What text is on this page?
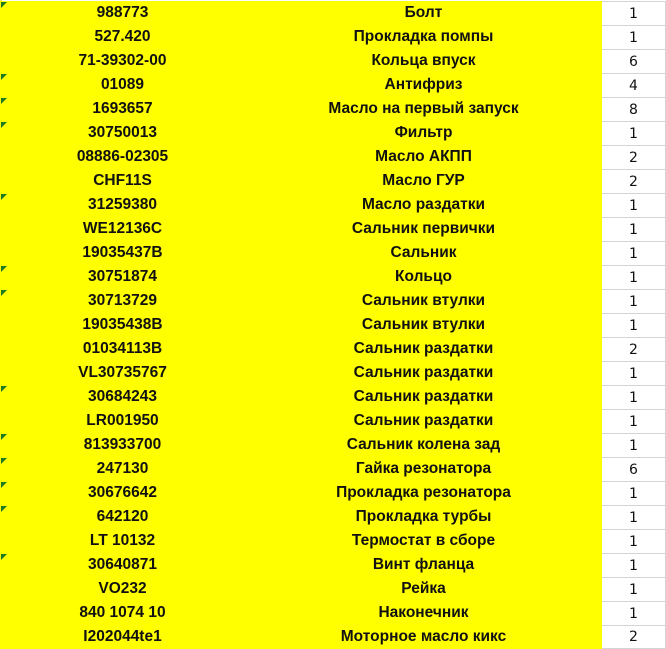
988773	Болт	1
527.420	Прокладка помпы	1
71-39302-00	Кольца впуск	6
01089	Антифриз	4
1693657	Масло на первый запуск	8
30750013	Фильтр	1
08886-02305	Масло АКПП	2
CHF11S	Масло ГУР	2
31259380	Масло раздатки	1
WE12136C	Сальник первички	1
19035437B	Сальник	1
30751874	Кольцо	1
30713729	Сальник втулки	1
19035438B	Сальник втулки	1
01034113B	Сальник раздатки	2
VL30735767	Сальник раздатки	1
30684243	Сальник раздатки	1
LR001950	Сальник раздатки	1
813933700	Сальник колена зад	1
247130	Гайка резонатора	6
30676642	Прокладка резонатора	1
642120	Прокладка турбы	1
LT 10132	Термостат в сборе	1
30640871	Винт фланца	1
VO232	Рейка	1
840 1074 10	Наконечник	1
I202044te1	Моторное масло кикс	2
